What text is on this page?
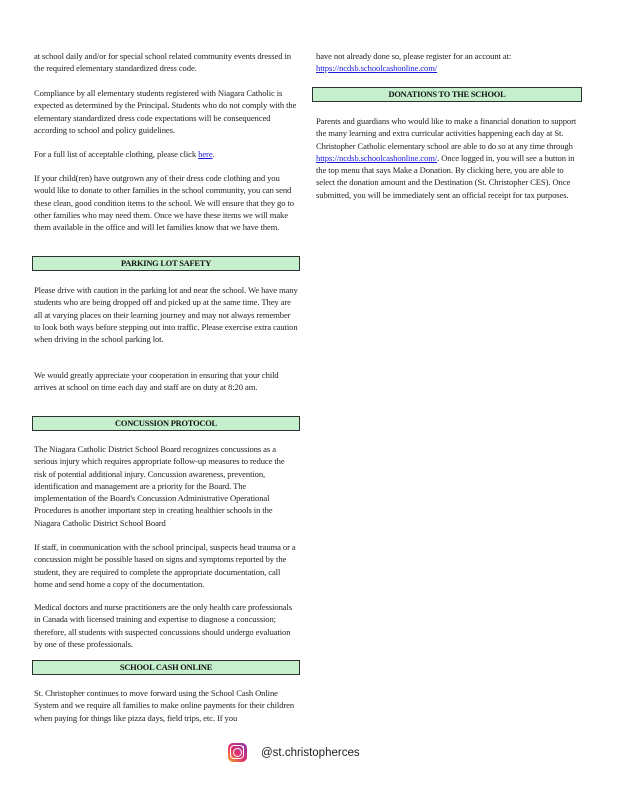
at school daily and/or for special school related community events dressed in the required elementary standardized dress code.

Compliance by all elementary students registered with Niagara Catholic is expected as determined by the Principal. Students who do not comply with the elementary standardized dress code expectations will be consequenced according to school and policy guidelines.

For a full list of acceptable clothing, please click here.

If your child(ren) have outgrown any of their dress code clothing and you would like to donate to other families in the school community, you can send these clean, good condition items to the school. We will ensure that they go to other families who may need them. Once we have these items we will make them available in the office and will let families know that we have them.

PARKING LOT SAFETY

Please drive with caution in the parking lot and near the school. We have many students who are being dropped off and picked up at the same time. They are all at varying places on their learning journey and may not always remember to look both ways before stepping out into traffic. Please exercise extra caution when driving in the school parking lot.

We would greatly appreciate your cooperation in ensuring that your child arrives at school on time each day and staff are on duty at 8:20 am.

CONCUSSION PROTOCOL

The Niagara Catholic District School Board recognizes concussions as a serious injury which requires appropriate follow-up measures to reduce the risk of potential additional injury. Concussion awareness, prevention, identification and management are a priority for the Board. The implementation of the Board's Concussion Administrative Operational Procedures is another important step in creating healthier schools in the Niagara Catholic District School Board

If staff, in communication with the school principal, suspects head trauma or a concussion might be possible based on signs and symptoms reported by the student, they are required to complete the appropriate documentation, call home and send home a copy of the documentation.

Medical doctors and nurse practitioners are the only health care professionals in Canada with licensed training and expertise to diagnose a concussion; therefore, all students with suspected concussions should undergo evaluation by one of these professionals.

SCHOOL CASH ONLINE

St. Christopher continues to move forward using the School Cash Online System and we require all families to make online payments for their children when paying for things like pizza days, field trips, etc. If you

have not already done so, please register for an account at:
https://ncdsb.schoolcashonline.com/

DONATIONS TO THE SCHOOL

Parents and guardians who would like to make a financial donation to support the many learning and extra curricular activities happening each day at St. Christopher Catholic elementary school are able to do so at any time through https://ncdsb.schoolcashonline.com/. Once logged in, you will see a button in the top menu that says Make a Donation. By clicking here, you are able to select the donation amount and the Destination (St. Christopher CES). Once submitted, you will be immediately sent an official receipt for tax purposes.

@st.christopherces
